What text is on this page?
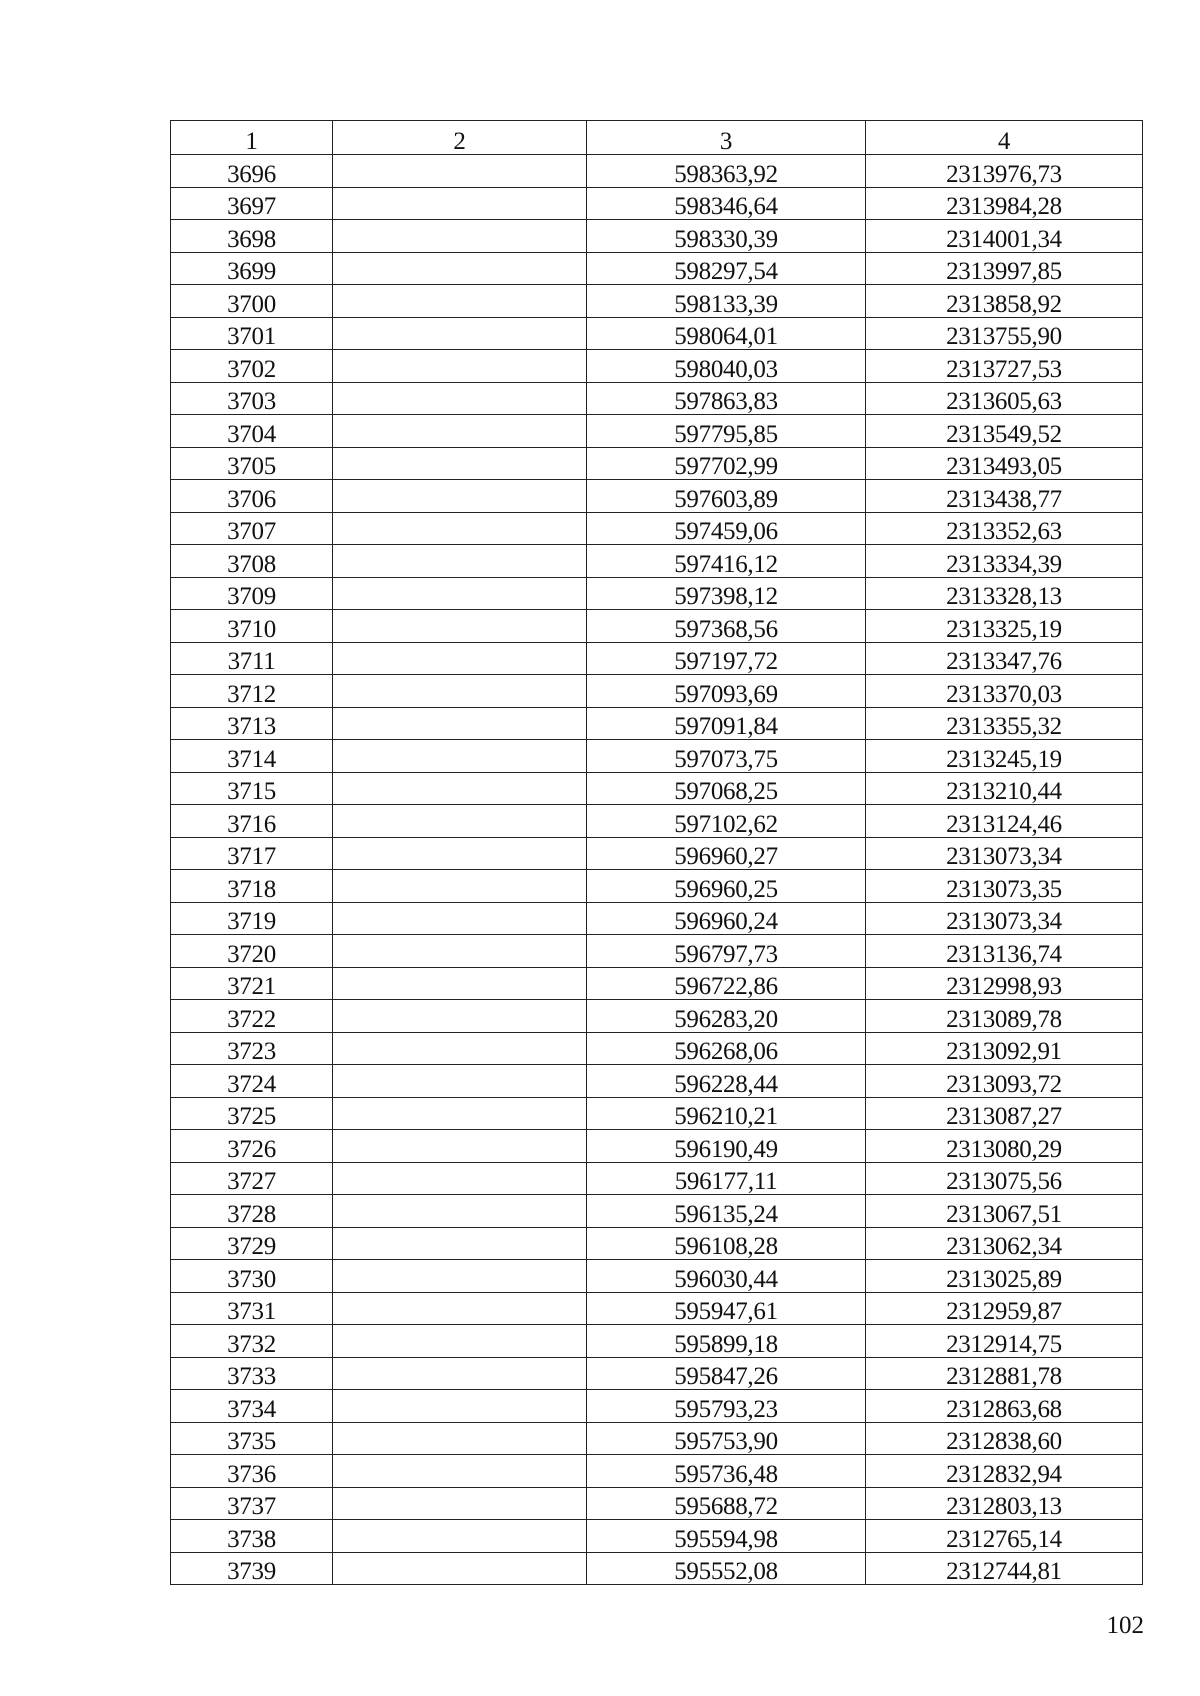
1	2	3	4
3696		598363,92	2313976,73
3697		598346,64	2313984,28
3698		598330,39	2314001,34
3699		598297,54	2313997,85
3700		598133,39	2313858,92
3701		598064,01	2313755,90
3702		598040,03	2313727,53
3703		597863,83	2313605,63
3704		597795,85	2313549,52
3705		597702,99	2313493,05
3706		597603,89	2313438,77
3707		597459,06	2313352,63
3708		597416,12	2313334,39
3709		597398,12	2313328,13
3710		597368,56	2313325,19
3711		597197,72	2313347,76
3712		597093,69	2313370,03
3713		597091,84	2313355,32
3714		597073,75	2313245,19
3715		597068,25	2313210,44
3716		597102,62	2313124,46
3717		596960,27	2313073,34
3718		596960,25	2313073,35
3719		596960,24	2313073,34
3720		596797,73	2313136,74
3721		596722,86	2312998,93
3722		596283,20	2313089,78
3723		596268,06	2313092,91
3724		596228,44	2313093,72
3725		596210,21	2313087,27
3726		596190,49	2313080,29
3727		596177,11	2313075,56
3728		596135,24	2313067,51
3729		596108,28	2313062,34
3730		596030,44	2313025,89
3731		595947,61	2312959,87
3732		595899,18	2312914,75
3733		595847,26	2312881,78
3734		595793,23	2312863,68
3735		595753,90	2312838,60
3736		595736,48	2312832,94
3737		595688,72	2312803,13
3738		595594,98	2312765,14
3739		595552,08	2312744,81
102
